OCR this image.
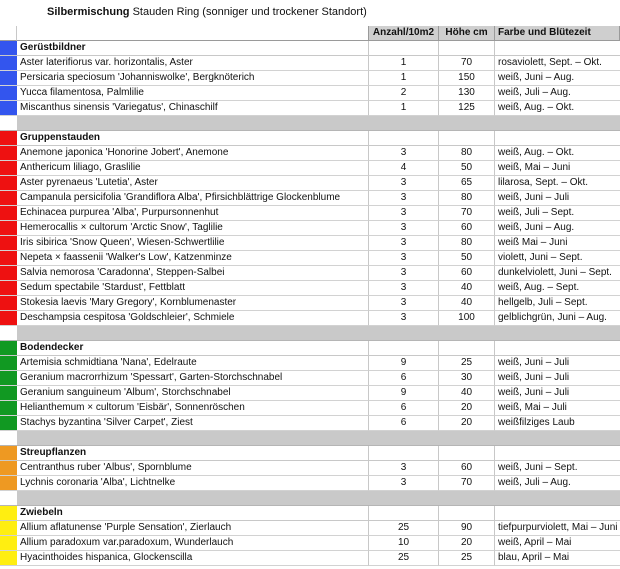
Silbermischung Stauden Ring (sonniger und trockener Standort)
Anzahl/10m2	Höhe cm	Farbe und Blütezeit
Gerüstbildner
Aster laterifiorus var. horizontalis, Aster	1	70	rosaviolett, Sept. – Okt.
Persicaria speciosum 'Johanniswolke', Bergknöterich	1	150	weiß, Juni – Aug.
Yucca filamentosa, Palmlilie	2	130	weiß, Juli – Aug.
Miscanthus sinensis 'Variegatus', Chinaschilf	1	125	weiß, Aug. – Okt.
Gruppenstauden
Anemone japonica 'Honorine Jobert', Anemone	3	80	weiß, Aug. – Okt.
Anthericum liliago, Graslilie	4	50	weiß, Mai – Juni
Aster pyrenaeus 'Lutetia', Aster	3	65	lilarosa, Sept. – Okt.
Campanula persicifolia 'Grandiflora Alba', Pfirsichblättrige Glockenblume	3	80	weiß, Juni – Juli
Echinacea purpurea 'Alba', Purpursonnenhut	3	70	weiß, Juli – Sept.
Hemerocallis × cultorum 'Arctic Snow', Taglilie	3	60	weiß, Juni – Aug.
Iris sibirica 'Snow Queen', Wiesen-Schwertlilie	3	80	weiß Mai – Juni
Nepeta × faassenii 'Walker's Low', Katzenminze	3	50	violett, Juni – Sept.
Salvia nemorosa 'Caradonna', Steppen-Salbei	3	60	dunkelviolett, Juni – Sept.
Sedum spectabile 'Stardust', Fettblatt	3	40	weiß, Aug. – Sept.
Stokesia laevis 'Mary Gregory', Kornblumenaster	3	40	hellgelb, Juli – Sept.
Deschampsia cespitosa 'Goldschleier', Schmiele	3	100	gelblichgrün, Juni – Aug.
Bodendecker
Artemisia schmidtiana 'Nana', Edelraute	9	25	weiß, Juni – Juli
Geranium macrorrhizum 'Spessart', Garten-Storchschnabel	6	30	weiß, Juni – Juli
Geranium sanguineum 'Album', Storchschnabel	9	40	weiß, Juni – Juli
Helianthemum × cultorum 'Eisbär', Sonnenröschen	6	20	weiß, Mai – Juli
Stachys byzantina 'Silver Carpet', Ziest	6	20	weißfilziges Laub
Streupflanzen
Centranthus ruber 'Albus', Spornblume	3	60	weiß, Juni – Sept.
Lychnis coronaria 'Alba', Lichtnelke	3	70	weiß, Juli – Aug.
Zwiebeln
Allium aflatunense 'Purple Sensation', Zierlauch	25	90	tiefpurpurviolett, Mai – Juni
Allium paradoxum var.paradoxum, Wunderlauch	10	20	weiß, April – Mai
Hyacinthoides hispanica, Glockenscilla	25	25	blau, April – Mai
